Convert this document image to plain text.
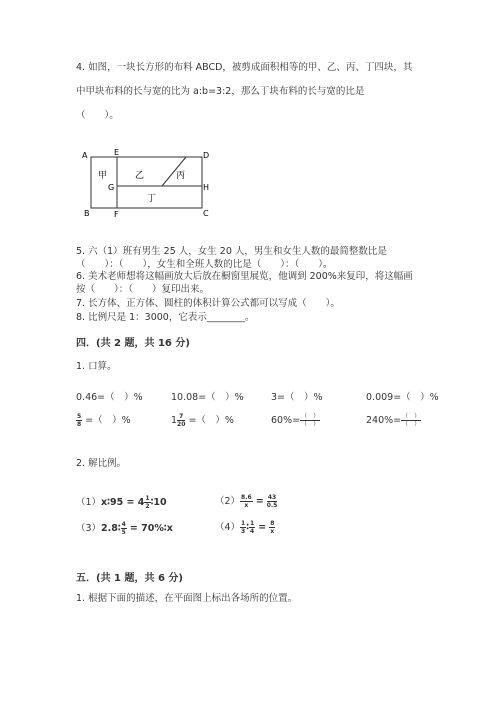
4. 如图，一块长方形的布料 ABCD，被剪成面积相等的甲、乙、丙、丁四块，其
中甲块布料的长与宽的比为 a:b=3:2，那么丁块布料的长与宽的比是
（　　）。
A	E	D
G	H
B	F	C
甲	乙	丙
丁
5. 六（1）班有男生 25 人，女生 20 人，男生和女生人数的最简整数比是
（　　）：（　　），女生和全班人数的比是（　　）：（　　）。
6. 美术老师想将这幅画放大后放在橱窗里展览，他调到 200%来复印，将这幅画
按（　　）：（　　）复印出来。
7. 长方体、正方体、圆柱的体积计算公式都可以写成（　　）。
8. 比例尺是 1：3000，它表示________。
四．(共 2 题，共 16 分)
1. 口算。
0.46=（　）%	10.08=（　）%	3=（　）%	0.009=（　）%
$\frac{5}{8}$ =（　）%	$1 \frac{7}{20}$ =（　）%	$60\%= \frac{( )}{( )}$	$240\%= \frac{( )}{( )}$
2. 解比例。
（1）x∶95 = $4 \frac{1}{2}$ ∶10	$(2) \frac{8.6}{x} = \frac{43}{0.5}$
（3）2.8∶ $\frac{4}{5}$ = 70%∶x	$(4) \frac{1}{3}$ ∶ $\frac{1}{4} = \frac{8}{x}$
五．(共 1 题，共 6 分)
1. 根据下面的描述，在平面图上标出各场所的位置。
